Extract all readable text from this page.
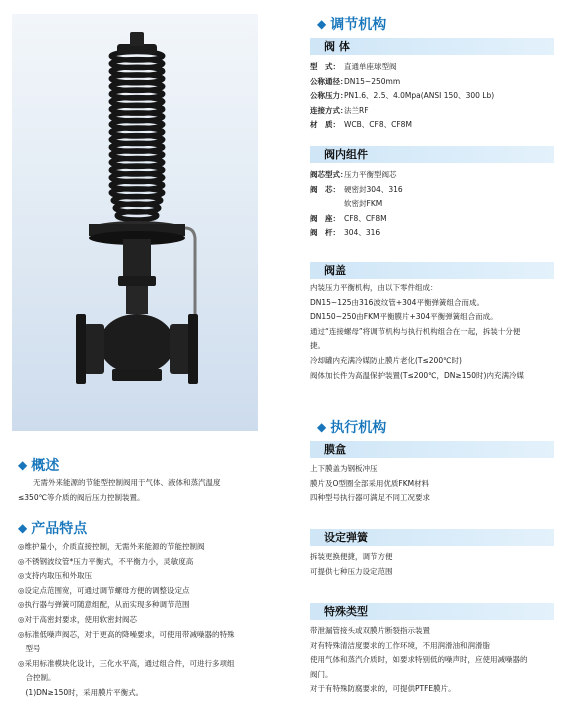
◆ 调节机构
阀 体
型　式： 直通单座球型阀
公称通径：
DN15~250mm
公称压力：
PN1.6、2.5、4.0Mpa(ANSI 150、300 Lb)
连接方式：
法兰RF
材　质： WCB、CF8、CF8M
阀内组件
阀芯型式：
压力平衡型阀芯
阀　芯： 硬密封304、316
软密封FKM
阀　座： CF8、CF8M
阀　杆： 304、316
阀盖
内装压力平衡机构，由以下零件组成：
DN15~125由316波纹管+304平衡弹簧组合而成。
DN150~250由FKM平衡膜片+304平衡弹簧组合而成。
通过“连接螺母”将调节机构与执行机构组合在一起，拆装十分便
捷。
冷却罐内充满冷媒防止膜片老化(T≤200℃时)
阀体加长件为高温保护装置(T≤200℃，DN≥150时)内充满冷媒
◆ 执行机构
膜盒
上下膜盖为钢板冲压
膜片及O型圈全部采用优质FKM材料
四种型号执行器可满足不同工况要求
设定弹簧
拆装更换便捷，调节方便
可提供七种压力设定范围
特殊类型
带泄漏管接头或双膜片断裂指示装置
对有特殊清洁度要求的工作环境，不用润滑油和润滑脂
使用气体和蒸汽介质时，如要求特别低的噪声时，应使用减噪器的
阀门。
对于有特殊防腐要求的，可提供PTFE膜片。
◆ 概述
　　无需外来能源的节能型控制阀用于气体、液体和蒸汽温度
≤350℃等介质的阀后压力控制装置。
◆ 产品特点
◎维护量小，介质直接控制，无需外来能源的节能控制阀
◎不锈钢波纹管*压力平衡式，不平衡力小，灵敏度高
◎支持内取压和外取压
◎设定点范围宽，可通过调节螺母方便的调整设定点
◎执行器与弹簧可随意组配，从而实现多种调节范围
◎对于高密封要求，使用软密封阀芯
◎标准低噪声阀芯，对于更高的降噪要求，可使用带减噪器的特殊
　型号
◎采用标准模块化设计，三化水平高，通过组合件，可进行多项组
　合控制。
　(1)DN≥150时，采用膜片平衡式。
